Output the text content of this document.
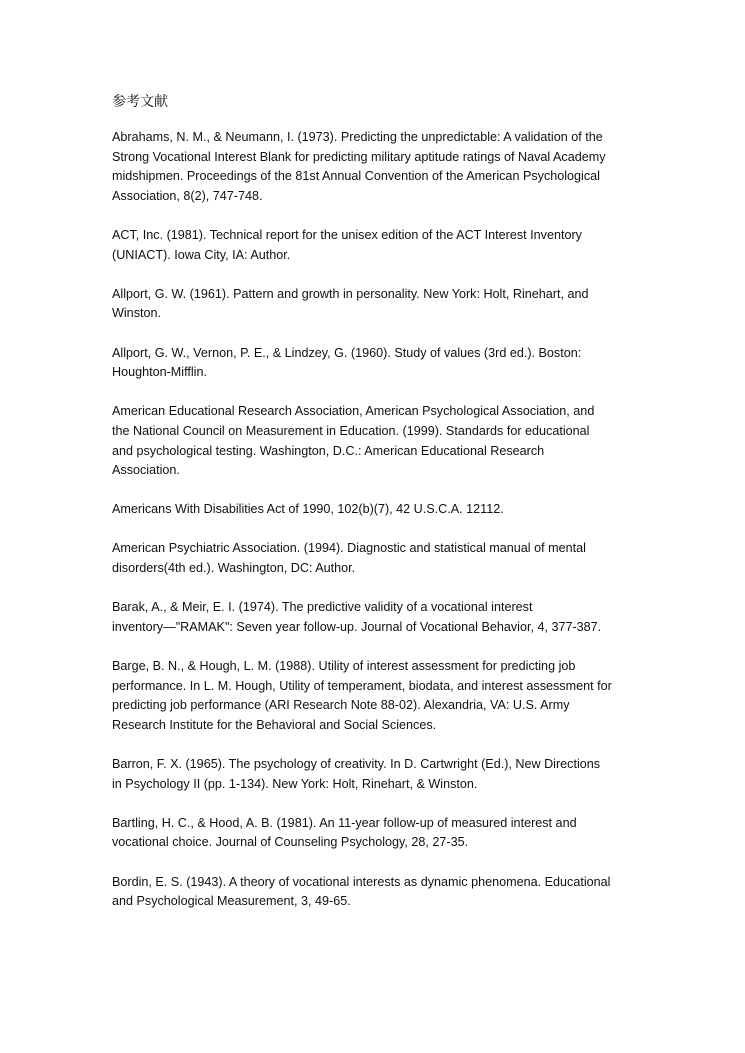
参考文献
Abrahams, N. M., & Neumann, I. (1973). Predicting the unpredictable: A validation of the
Strong Vocational Interest Blank for predicting military aptitude ratings of Naval Academy
midshipmen. Proceedings of the 81st Annual Convention of the American Psychological
Association, 8(2), 747-748.
ACT, Inc. (1981). Technical report for the unisex edition of the ACT Interest Inventory
(UNIACT). Iowa City, IA: Author.
Allport, G. W. (1961). Pattern and growth in personality. New York: Holt, Rinehart, and
Winston.
Allport, G. W., Vernon, P. E., & Lindzey, G. (1960). Study of values (3rd ed.). Boston:
Houghton-Mifflin.
American Educational Research Association, American Psychological Association, and
the National Council on Measurement in Education. (1999). Standards for educational
and psychological testing. Washington, D.C.: American Educational Research
Association.
Americans With Disabilities Act of 1990, 102(b)(7), 42 U.S.C.A. 12112.
American Psychiatric Association. (1994). Diagnostic and statistical manual of mental
disorders(4th ed.). Washington, DC: Author.
Barak, A., & Meir, E. I. (1974). The predictive validity of a vocational interest
inventory—"RAMAK": Seven year follow-up. Journal of Vocational Behavior, 4, 377-387.
Barge, B. N., & Hough, L. M. (1988). Utility of interest assessment for predicting job
performance. In L. M. Hough, Utility of temperament, biodata, and interest assessment for
predicting job performance (ARI Research Note 88-02). Alexandria, VA: U.S. Army
Research Institute for the Behavioral and Social Sciences.
Barron, F. X. (1965). The psychology of creativity. In D. Cartwright (Ed.), New Directions
in Psychology II (pp. 1-134). New York: Holt, Rinehart, & Winston.
Bartling, H. C., & Hood, A. B. (1981). An 11-year follow-up of measured interest and
vocational choice. Journal of Counseling Psychology, 28, 27-35.
Bordin, E. S. (1943). A theory of vocational interests as dynamic phenomena. Educational
and Psychological Measurement, 3, 49-65.
